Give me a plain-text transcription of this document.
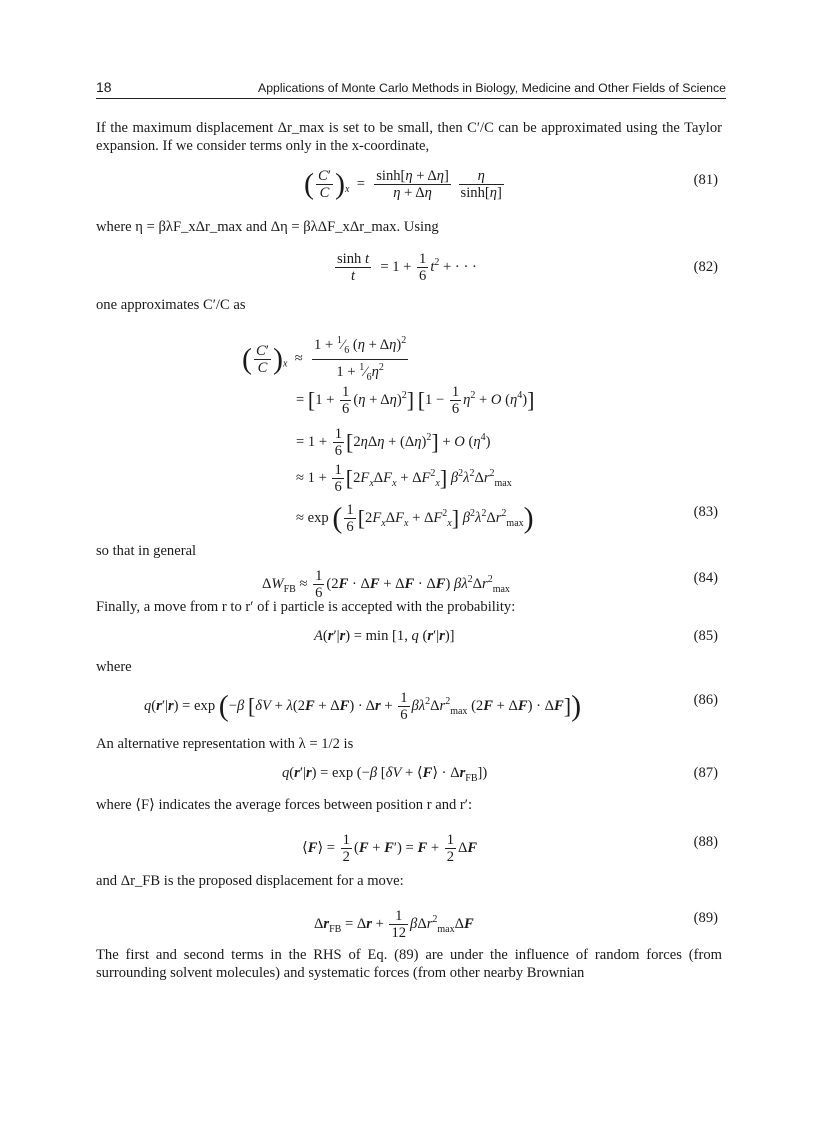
18	Applications of Monte Carlo Methods in Biology, Medicine and Other Fields of Science

If the maximum displacement Δr_max is set to be small, then C′/C can be approximated using the Taylor expansion. If we consider terms only in the x-coordinate,

( $\frac{C'}{C} )_x = \frac{\sinh[\eta + \Delta\eta]}{\eta + \Delta\eta}$
$\frac{\eta}{\sinh[\eta]}$	(81)

where η = βλF_xΔr_max and Δη = βλΔF_xΔr_max. Using

$\frac{\text{sinh t}}{t} = 1 + \frac{1}{6} t^2$ + · · ·	(82)

one approximates C′/C as

( $\frac{C'}{C} )_x \approx \frac{1 + ^1⁄_6 (\eta + \Delta\eta)^2}{1 + ^1⁄_6\eta^2}$
= $[1 + \frac{1}{6} (\eta + \Delta\eta)^2]$ [$1 - \frac{1}{6} \eta^2 + O$ $(\eta^4)$]
= $1 + \frac{1}{6} [2\eta\Delta\eta + (\Delta\eta)^2] + O$ $(\eta^4)$
≈ $1 + \frac{1}{6} [2F_x\Delta F_x + \Delta F^2_x]$ $\beta^2\lambda^2\Delta r^2_{max}$
≈ exp ( $\frac{1}{6} [2F_x\Delta F_x + \Delta F^2_x]$ $\beta^2\lambda^2\Delta r^2_{max}$)	(83)

so that in general

$\Delta W_{FB} \approx \frac{1}{6} (2F \cdot \Delta F + \Delta F \cdot \Delta F)$ $\beta\lambda^2\Delta r^2_{max}$
(84)

Finally, a move from r to r′ of i particle is accepted with the probability:

A(r′|r) = min [1, q (r′|r)]	(85)

where

q(r′|r) = exp (−β [$\delta V + \lambda(2F + \Delta F) \cdot \Delta r + \frac{1}{6} \beta\lambda^2\Delta r^2_{max}$ (2F + ΔF) · ΔF])	(86)

An alternative representation with λ = 1/2 is

q(r′|r) = exp (−β [δV + ⟨F⟩ · $\Delta r_{FB}$])	(87)

where ⟨F⟩ indicates the average forces between position r and r′:

⟨F⟩ = $\frac{1}{2} (F + F') = F + \frac{1}{2}$ ΔF	(88)

and Δr_FB is the proposed displacement for a move:

$\Delta r_{FB} = \Delta r + \frac{1}{12} \beta\Delta r^2_{max}\Delta F$	(89)

The first and second terms in the RHS of Eq. (89) are under the influence of random forces (from surrounding solvent molecules) and systematic forces (from other nearby Brownian
